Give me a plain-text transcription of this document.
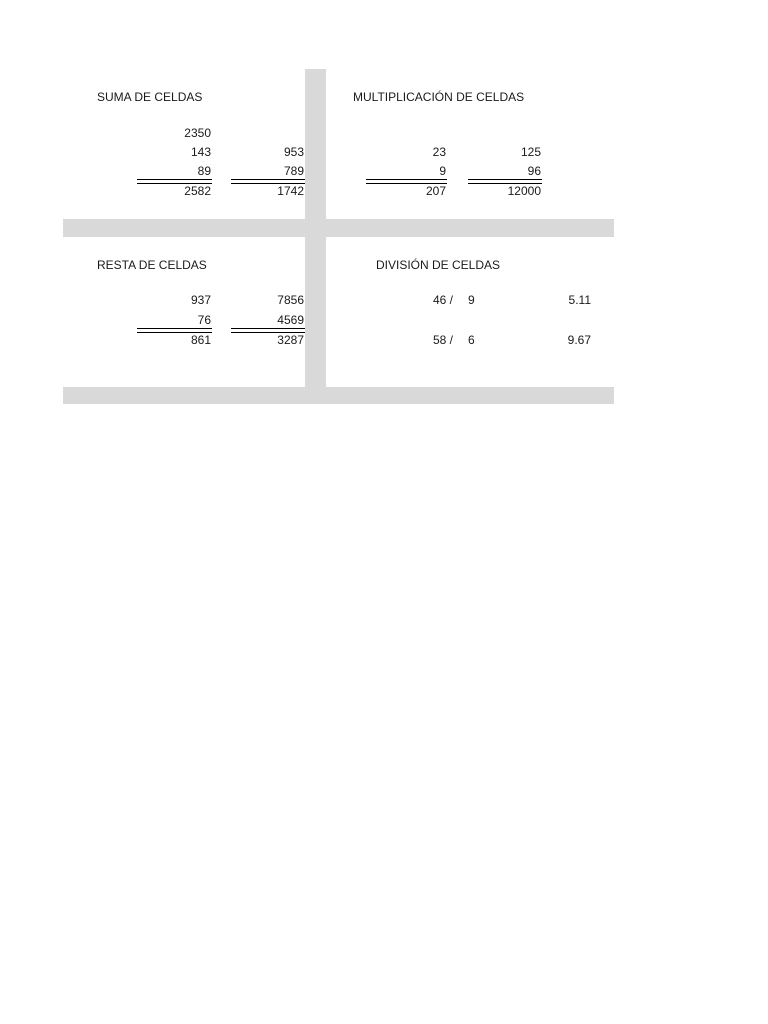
SUMA DE CELDAS
2350
143
89
2582
953
789
1742
MULTIPLICACIÓN DE CELDAS
23
9
207
125
96
12000
RESTA DE CELDAS
937
76
861
7856
4569
3287
DIVISIÓN DE CELDAS
46 / 9	5.11
58 / 6	9.67
